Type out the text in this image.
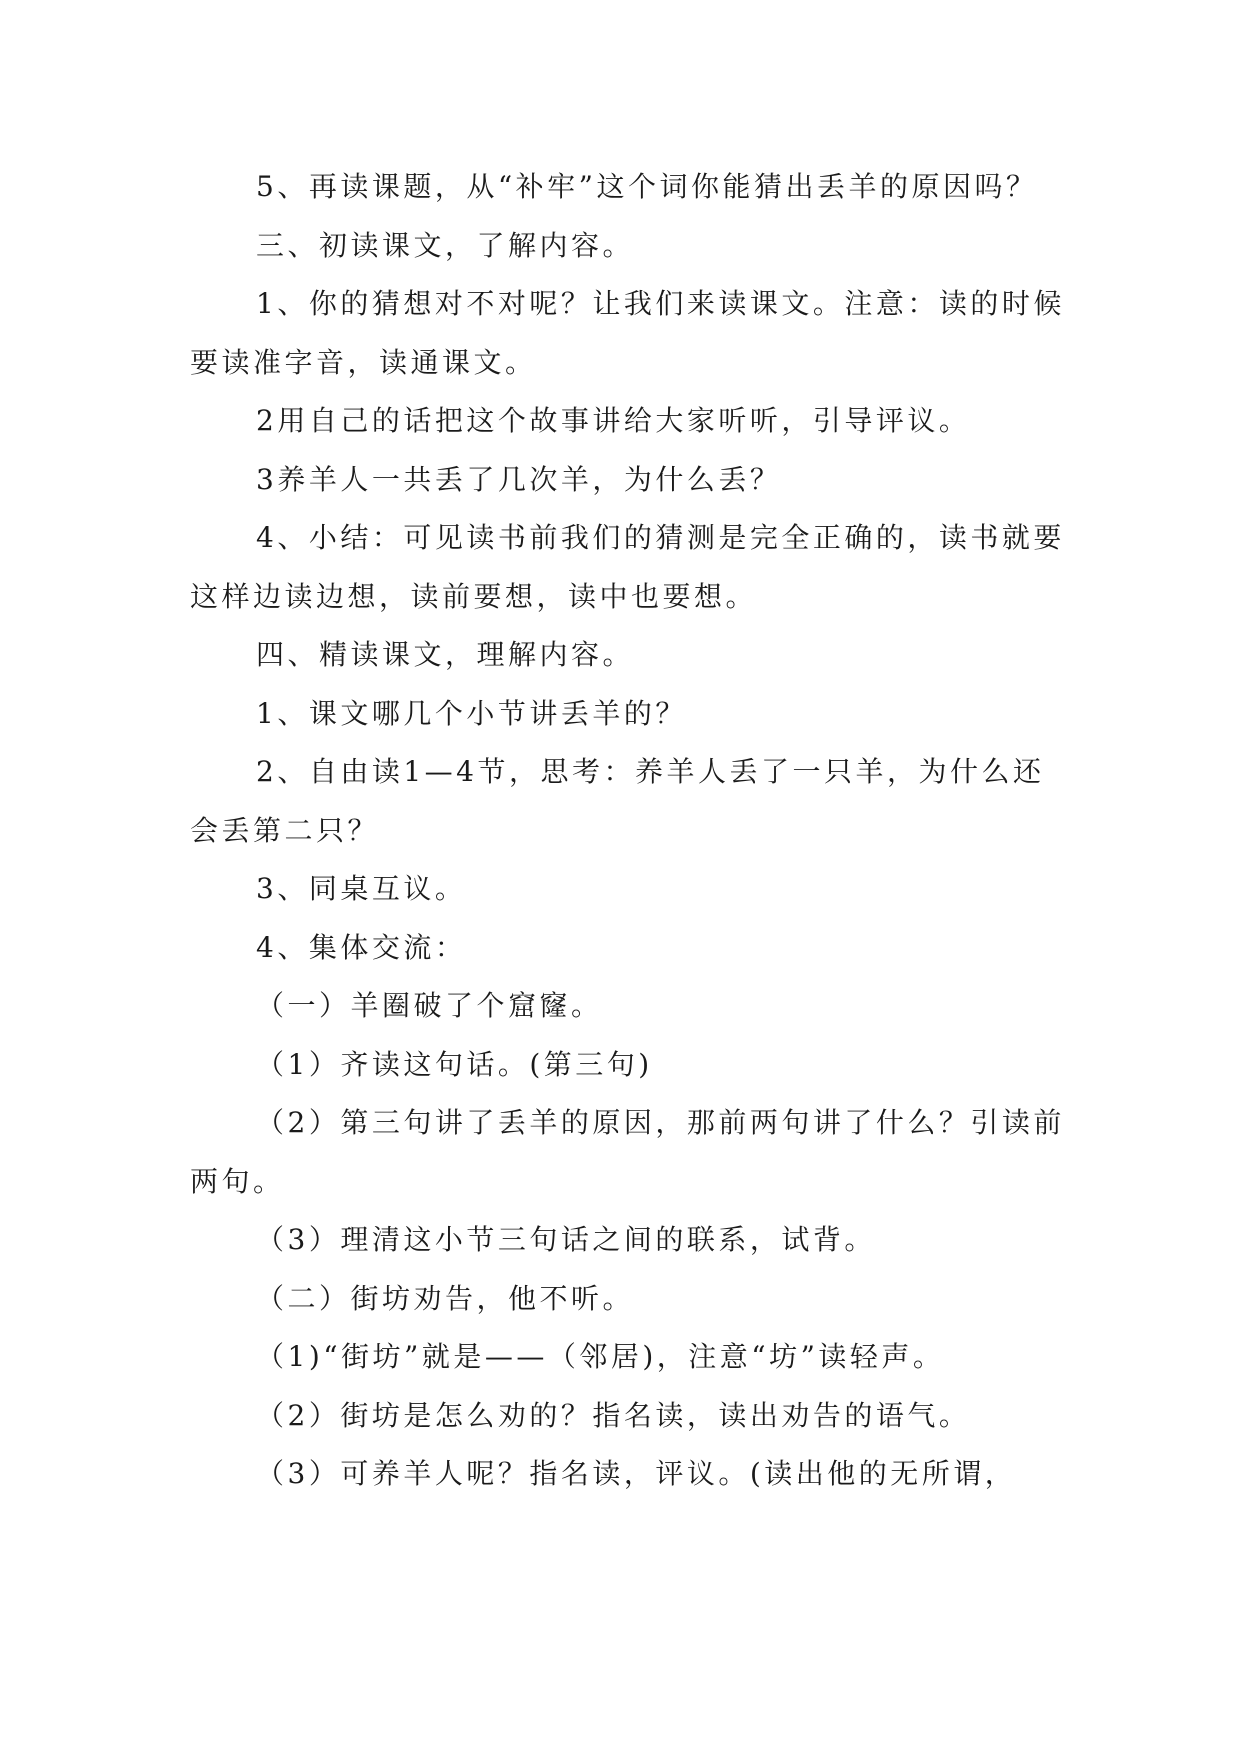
5、再读课题，从“补牢”这个词你能猜出丢羊的原因吗？

三、初读课文，了解内容。

1、你的猜想对不对呢？让我们来读课文。注意：读的时候要读准字音，读通课文。

2用自己的话把这个故事讲给大家听听，引导评议。

3养羊人一共丢了几次羊，为什么丢？

4、小结：可见读书前我们的猜测是完全正确的，读书就要这样边读边想，读前要想，读中也要想。

四、精读课文，理解内容。

1、课文哪几个小节讲丢羊的？

2、自由读1—4节，思考：养羊人丢了一只羊，为什么还会丢第二只？

3、同桌互议。

4、集体交流：

（一）羊圈破了个窟窿。

（1）齐读这句话。(第三句)

（2）第三句讲了丢羊的原因，那前两句讲了什么？引读前两句。

（3）理清这小节三句话之间的联系，试背。

（二）街坊劝告，他不听。

（1)“街坊”就是——（邻居)，注意“坊”读轻声。

（2）街坊是怎么劝的？指名读，读出劝告的语气。

（3）可养羊人呢？指名读，评议。(读出他的无所谓，
